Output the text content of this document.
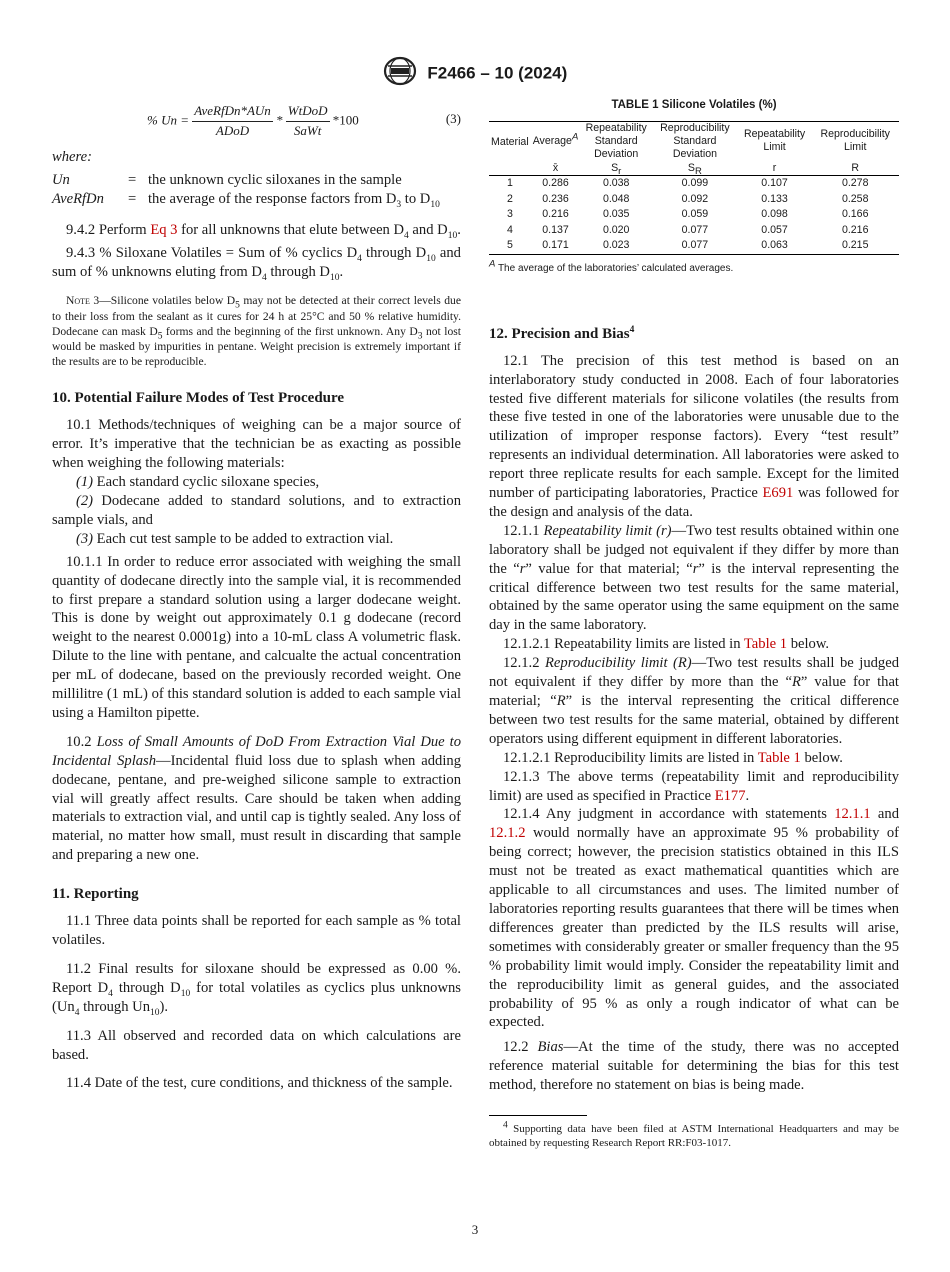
F2466 – 10 (2024)
% $Un = \frac{\text{AveRfDn*AUn}}{\text{ADoD}} * \frac{\text{WtDoD}}{\text{SaWt}} *100$	(3)

where:

Un	= the unknown cyclic siloxanes in the sample
AveRfDn	= the average of the response factors from $D_3$ to $D_{10}$

9.4.2 Perform Eq 3 for all unknowns that elute between $D_4$ and $D_{10}$.

9.4.3 % Siloxane Volatiles = Sum of % cyclics $D_4$ through $D_{10}$ and sum of % unknowns eluting from $D_4$ through $D_{10}$.

Note 3—Silicone volatiles below $D_5$ may not be detected at their correct levels due to their loss from the sealant as it cures for 24 h at 25°C and 50 % relative humidity. Dodecane can mask $D_5$ forms and the beginning of the first unknown. Any $D_3$ not lost would be masked by impurities in pentane. Weight precision is extremely important if the results are to be reproducible.

10. Potential Failure Modes of Test Procedure

10.1 Methods/techniques of weighing can be a major source of error. It’s imperative that the technician be as exacting as possible when weighing the following materials:

(1) Each standard cyclic siloxane species,

(2) Dodecane added to standard solutions, and to extraction sample vials, and

(3) Each cut test sample to be added to extraction vial.

10.1.1 In order to reduce error associated with weighing the small quantity of dodecane directly into the sample vial, it is recommended to first prepare a standard solution using a larger dodecane weight. This is done by weight out approximately 0.1 g dodecane (record weight to the nearest 0.0001g) into a 10-mL class A volumetric flask. Dilute to the line with pentane, and calcualte the actual concentration per mL of dodecane, based on the previously recorded weight. One millilitre (1 mL) of this standard solution is added to each sample vial using a Hamilton pipette.

10.2 Loss of Small Amounts of DoD From Extraction Vial Due to Incidental Splash—Incidental fluid loss due to splash when adding dodecane, pentane, and pre-weighed silicone sample to extraction vial will greatly affect results. Care should be taken when adding materials to extraction vial, and until cap is tightly sealed. Any loss of material, no matter how small, must result in discarding that sample and preparing a new one.

11. Reporting

11.1 Three data points shall be reported for each sample as % total volatiles.

11.2 Final results for siloxane should be expressed as 0.00 %. Report $D_4$ through $D_{10}$ for total volatiles as cyclics plus unknowns ($Un_4$ through $Un_{10}$).

11.3 All observed and recorded data on which calculations are based.

11.4 Date of the test, cure conditions, and thickness of the sample.

TABLE 1 Silicone Volatiles (%)
Material	Average$^A$	Repeatability Standard Deviation	Reproducibility Standard Deviation	Repeatability Limit	Reproducibility Limit
	x̄	$S_r$	$S_R$	r	R
1	0.286	0.038	0.099	0.107	0.278
2	0.236	0.048	0.092	0.133	0.258
3	0.216	0.035	0.059	0.098	0.166
4	0.137	0.020	0.077	0.057	0.216
5	0.171	0.023	0.077	0.063	0.215
$^A$ The average of the laboratories’ calculated averages.

12. Precision and Bias$^4$

12.1 The precision of this test method is based on an interlaboratory study conducted in 2008. Each of four laboratories tested five different materials for silicone volatiles (the results from these five tested in one of the laboratories were unusable due to the utilization of improper response factors). Every “test result” represents an individual determination. All laboratories were asked to report three replicate results for each sample. Except for the limited number of participating laboratories, Practice E691 was followed for the design and analysis of the data.

12.1.1 Repeatability limit (r)—Two test results obtained within one laboratory shall be judged not equivalent if they differ by more than the “r” value for that material; “r” is the interval representing the critical difference between two test results for the same material, obtained by the same operator using the same equipment on the same day in the same laboratory.

12.1.2.1 Repeatability limits are listed in Table 1 below.

12.1.2 Reproducibility limit (R)—Two test results shall be judged not equivalent if they differ by more than the “R” value for that material; “R” is the interval representing the critical difference between two test results for the same material, obtained by different operators using different equipment in different laboratories.

12.1.2.1 Reproducibility limits are listed in Table 1 below.

12.1.3 The above terms (repeatability limit and reproducibility limit) are used as specified in Practice E177.

12.1.4 Any judgment in accordance with statements 12.1.1 and 12.1.2 would normally have an approximate 95 % probability of being correct; however, the precision statistics obtained in this ILS must not be treated as exact mathematical quantities which are applicable to all circumstances and uses. The limited number of laboratories reporting results guarantees that there will be times when differences greater than predicted by the ILS results will arise, sometimes with considerably greater or smaller frequency than the 95 % probability limit would imply. Consider the repeatability limit and the reproducibility limit as general guides, and the associated probability of 95 % as only a rough indicator of what can be expected.

12.2 Bias—At the time of the study, there was no accepted reference material suitable for determining the bias for this test method, therefore no statement on bias is being made.

$^4$ Supporting data have been filed at ASTM International Headquarters and may be obtained by requesting Research Report RR:F03-1017.

3
